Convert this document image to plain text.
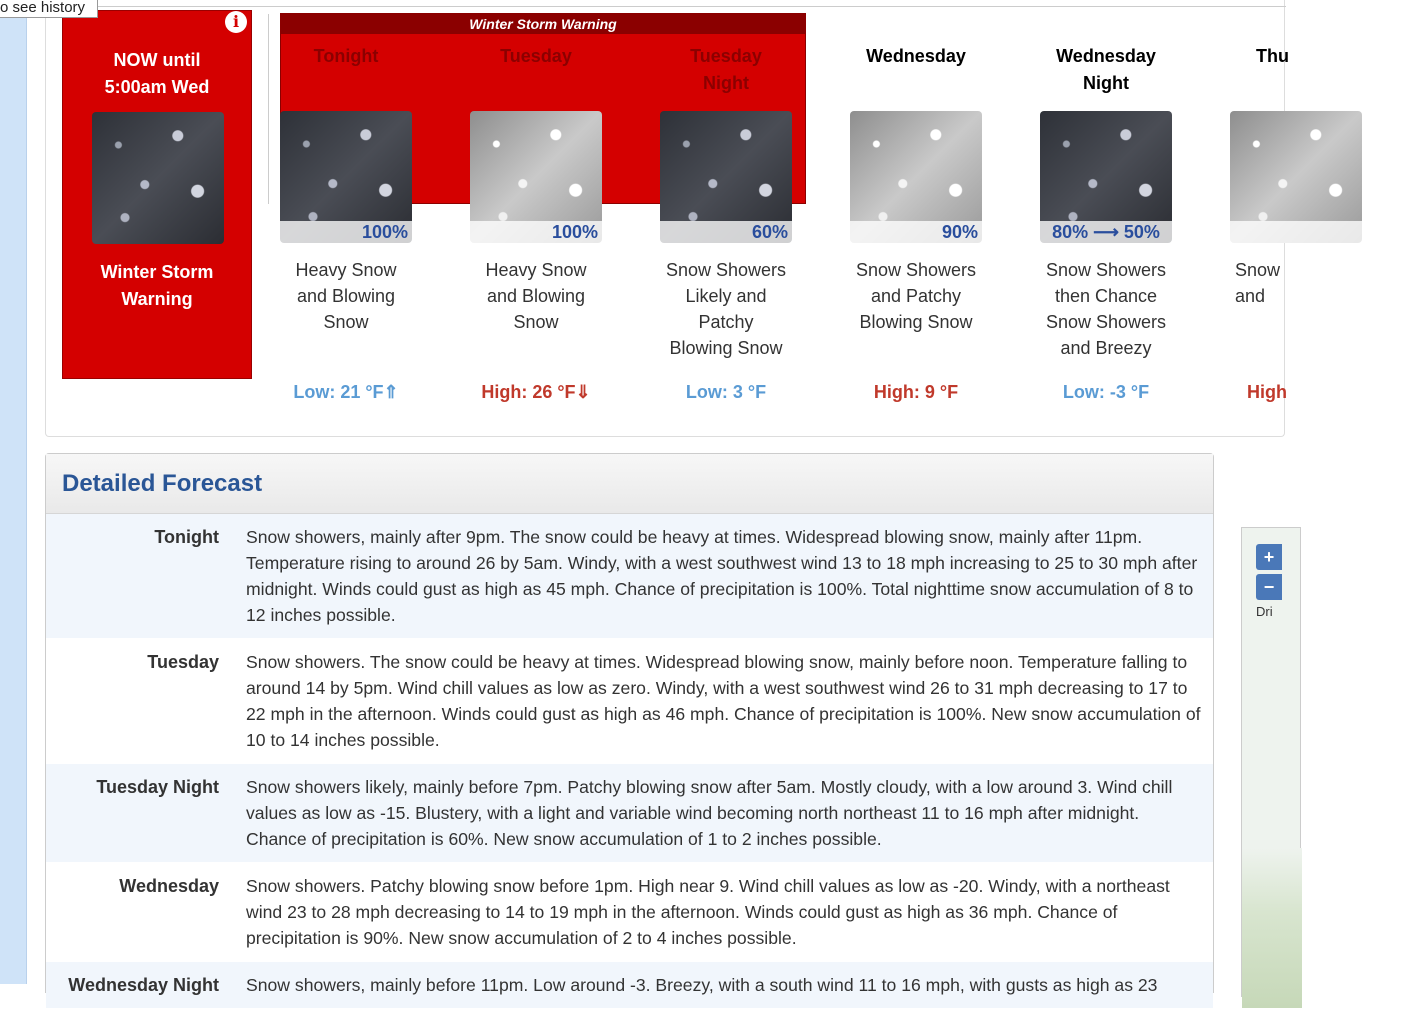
o see history
i
NOW until
5:00am Wed
Winter Storm
Warning
Winter Storm Warning
Tonight
100%
Heavy Snow
and Blowing
Snow
Low: 21 °F⇑
Tuesday
100%
Heavy Snow
and Blowing
Snow
High: 26 °F⇓
Tuesday
Night
60%
Snow Showers
Likely and
Patchy
Blowing Snow
Low: 3 °F
Wednesday
90%
Snow Showers
and Patchy
Blowing Snow
High: 9 °F
Wednesday
Night
80% ⟶ 50%
Snow Showers
then Chance
Snow Showers
and Breezy
Low: -3 °F
Thu
Snow
and
High
Detailed Forecast
Tonight Snow showers, mainly after 9pm. The snow could be heavy at times. Widespread blowing snow, mainly after 11pm. Temperature rising to around 26 by 5am. Windy, with a west southwest wind 13 to 18 mph increasing to 25 to 30 mph after midnight. Winds could gust as high as 45 mph. Chance of precipitation is 100%. Total nighttime snow accumulation of 8 to 12 inches possible.
Tuesday Snow showers. The snow could be heavy at times. Widespread blowing snow, mainly before noon. Temperature falling to around 14 by 5pm. Wind chill values as low as zero. Windy, with a west southwest wind 26 to 31 mph decreasing to 17 to 22 mph in the afternoon. Winds could gust as high as 46 mph. Chance of precipitation is 100%. New snow accumulation of 10 to 14 inches possible.
Tuesday Night Snow showers likely, mainly before 7pm. Patchy blowing snow after 5am. Mostly cloudy, with a low around 3. Wind chill values as low as -15. Blustery, with a light and variable wind becoming north northeast 11 to 16 mph after midnight. Chance of precipitation is 60%. New snow accumulation of 1 to 2 inches possible.
Wednesday Snow showers. Patchy blowing snow before 1pm. High near 9. Wind chill values as low as -20. Windy, with a northeast wind 23 to 28 mph decreasing to 14 to 19 mph in the afternoon. Winds could gust as high as 36 mph. Chance of precipitation is 90%. New snow accumulation of 2 to 4 inches possible.
Wednesday Night Snow showers, mainly before 11pm. Low around -3. Breezy, with a south wind 11 to 16 mph, with gusts as high as 23
+
−
Dri
